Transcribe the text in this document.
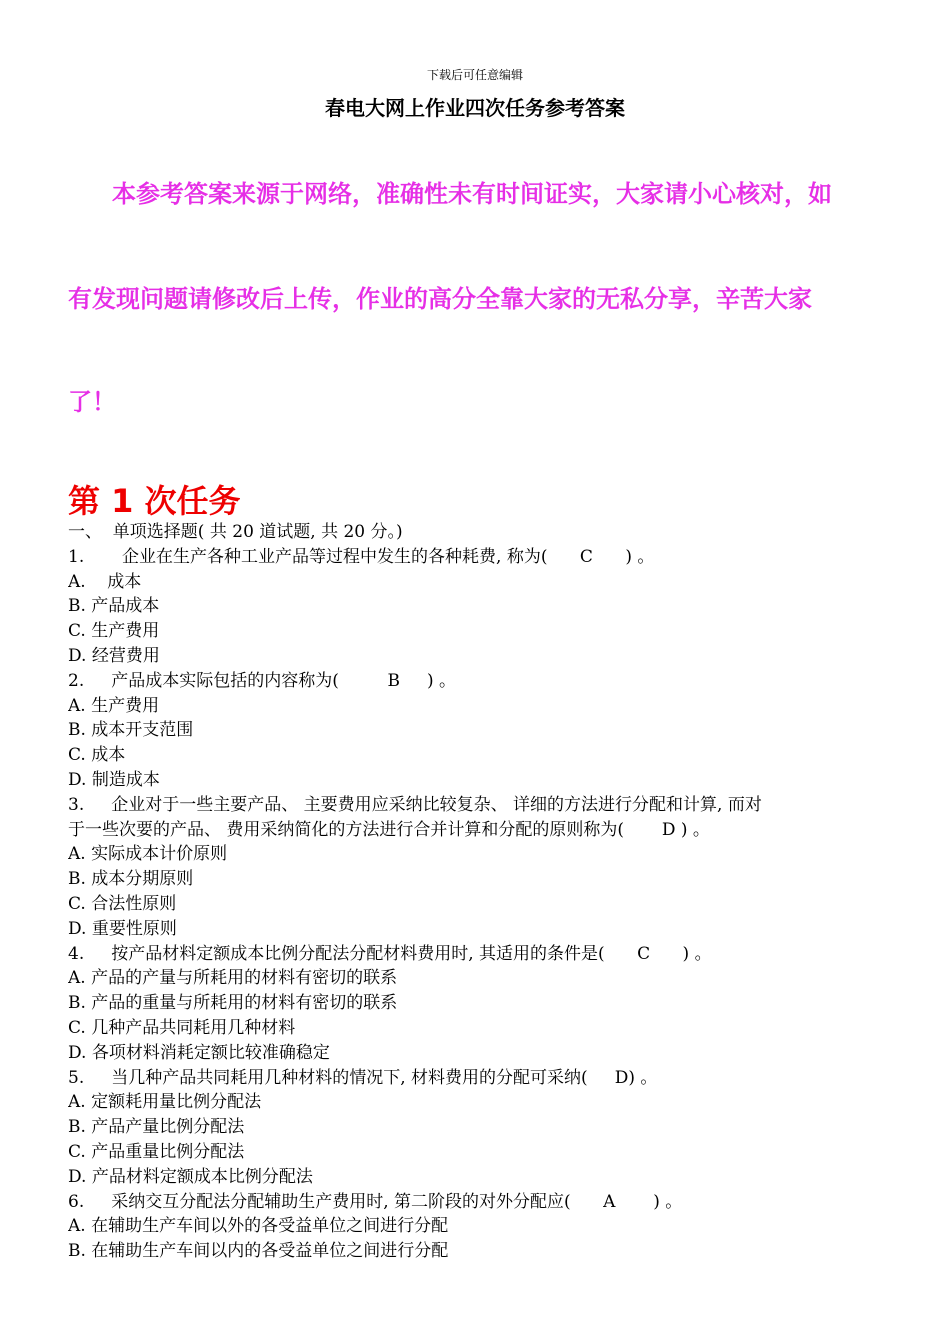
下载后可任意编辑
春电大网上作业四次任务参考答案
本参考答案来源于网络，准确性未有时间证实，大家请小心核对，如
有发现问题请修改后上传，作业的高分全靠大家的无私分享，辛苦大家
了！
第 1 次任务
一、  单项选择题( 共 20 道试题, 共 20 分。)
1.       企业在生产各种工业产品等过程中发生的各种耗费, 称为(      C      ) 。
A.    成本
B. 产品成本
C. 生产费用
D. 经营费用
2.     产品成本实际包括的内容称为(         B     ) 。
A. 生产费用
B. 成本开支范围
C. 成本
D. 制造成本
3.     企业对于一些主要产品、 主要费用应采纳比较复杂、 详细的方法进行分配和计算, 而对
于一些次要的产品、 费用采纳简化的方法进行合并计算和分配的原则称为(       D ) 。
A. 实际成本计价原则
B. 成本分期原则
C. 合法性原则
D. 重要性原则
4.     按产品材料定额成本比例分配法分配材料费用时, 其适用的条件是(      C      ) 。
A. 产品的产量与所耗用的材料有密切的联系
B. 产品的重量与所耗用的材料有密切的联系
C. 几种产品共同耗用几种材料
D. 各项材料消耗定额比较准确稳定
5.     当几种产品共同耗用几种材料的情况下, 材料费用的分配可采纳(     D) 。
A. 定额耗用量比例分配法
B. 产品产量比例分配法
C. 产品重量比例分配法
D. 产品材料定额成本比例分配法
6.     采纳交互分配法分配辅助生产费用时, 第二阶段的对外分配应(      A       ) 。
A. 在辅助生产车间以外的各受益单位之间进行分配
B. 在辅助生产车间以内的各受益单位之间进行分配
